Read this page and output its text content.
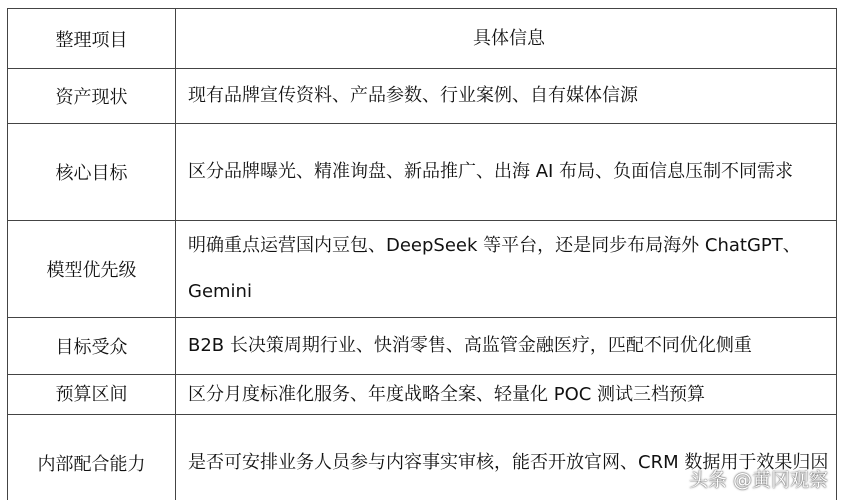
整理项目	具体信息
资产现状	现有品牌宣传资料、产品参数、行业案例、自有媒体信源
核心目标	区分品牌曝光、精准询盘、新品推广、出海 AI 布局、负面信息压制不同需求
模型优先级	明确重点运营国内豆包、DeepSeek 等平台，还是同步布局海外 ChatGPT、Gemini
目标受众	B2B 长决策周期行业、快消零售、高监管金融医疗，匹配不同优化侧重
预算区间	区分月度标准化服务、年度战略全案、轻量化 POC 测试三档预算
内部配合能力	是否可安排业务人员参与内容事实审核，能否开放官网、CRM 数据用于效果归因
头条 @黄冈观察
